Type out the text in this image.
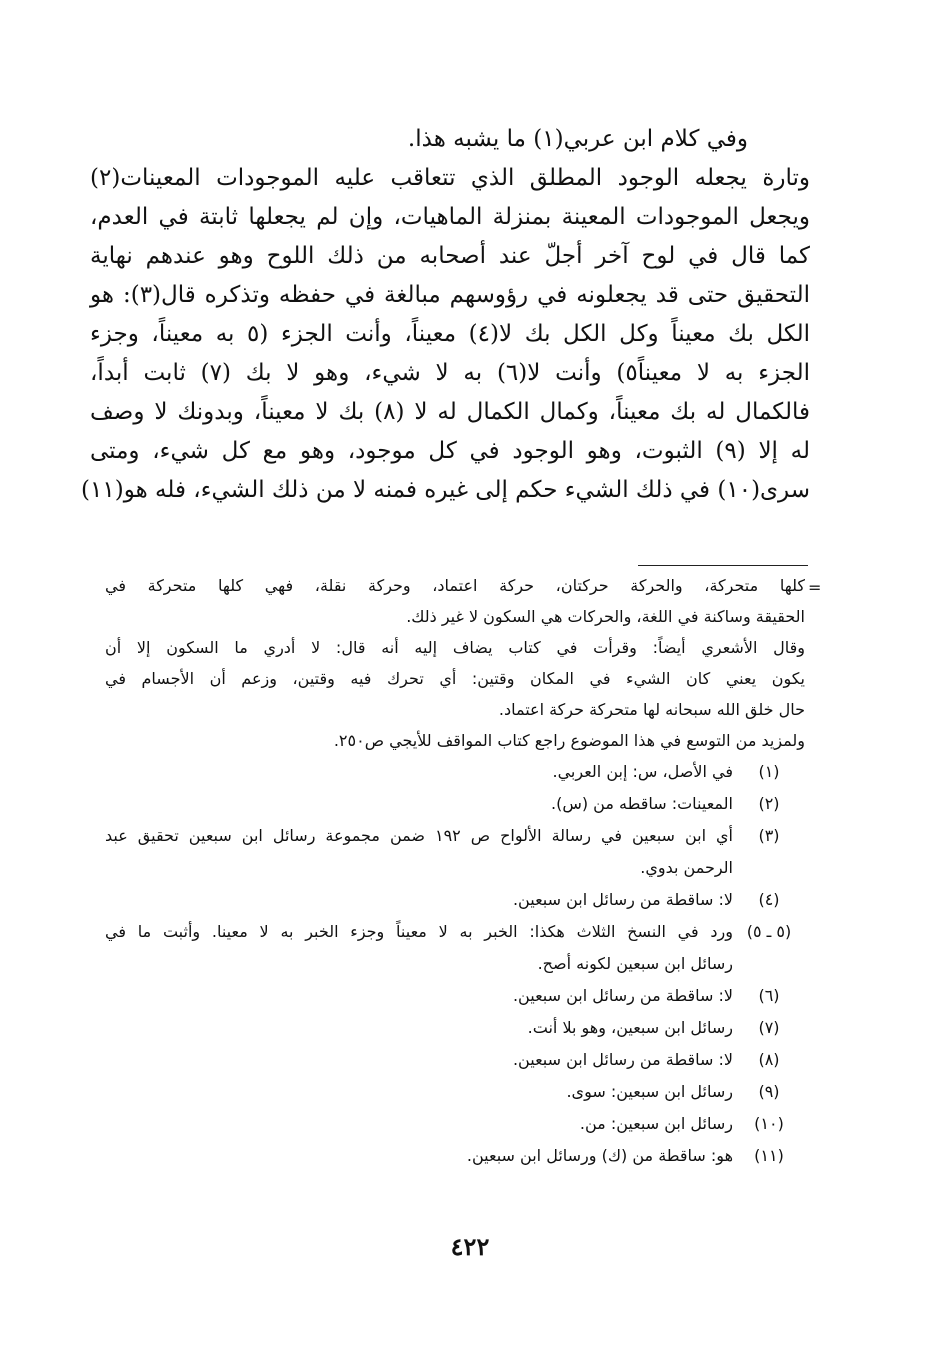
وفي كلام ابن عربي(١) ما يشبه هذا.
وتارة يجعله الوجود المطلق الذي تتعاقب عليه الموجودات المعينات(٢)
ويجعل الموجودات المعينة بمنزلة الماهيات، وإن لم يجعلها ثابتة في العدم،
كما قال في لوح آخر أجلّ عند أصحابه من ذلك اللوح وهو عندهم نهاية
التحقيق حتى قد يجعلونه في رؤوسهم مبالغة في حفظه وتذكره قال(٣): هو
الكل بك معيناً وكل الكل بك لا(٤) معيناً، وأنت الجزء (٥ به معيناً، وجزء
الجزء به لا معيناً٥) وأنت لا(٦) به لا شيء، وهو لا بك (٧) ثابت أبداً،
فالكمال له بك معيناً، وكمال الكمال له لا (٨) بك لا معيناً، وبدونك لا وصف
له إلا (٩) الثبوت، وهو الوجود في كل موجود، وهو مع كل شيء، ومتى
سرى(١٠) في ذلك الشيء حكم إلى غيره فمنه لا من ذلك الشيء، فله هو(١١)
=
كلها متحركة، والحركة حركتان، حركة اعتماد، وحركة نقلة، فهي كلها متحركة في
الحقيقة وساكنة في اللغة، والحركات هي السكون لا غير ذلك.
وقال الأشعري أيضاً: وقرأت في كتاب يضاف إليه أنه قال: لا أدري ما السكون إلا أن
يكون يعني كان الشيء في المكان وقتين: أي تحرك فيه وقتين، وزعم أن الأجسام في
حال خلق الله سبحانه لها متحركة حركة اعتماد.
ولمزيد من التوسع في هذا الموضوع راجع كتاب المواقف للأيجي ص٢٥٠.
(١)
في الأصل، س: إبن العربي.
(٢)
المعينات: ساقطه من (س).
(٣)
أي ابن سبعين في رسالة الألواح ص ١٩٢ ضمن مجموعة رسائل ابن سبعين تحقيق عبد
الرحمن بدوي.
(٤)
لا: ساقطة من رسائل ابن سبعين.
(٥ ـ ٥)
ورد في النسخ الثلاث هكذا: الخبر به لا معيناً وجزء الخبر به لا معينا. وأثبت ما في
رسائل ابن سبعين لكونه أصح.
(٦)
لا: ساقطة من رسائل ابن سبعين.
(٧)
رسائل ابن سبعين، وهو بلا أنت.
(٨)
لا: ساقطة من رسائل ابن سبعين.
(٩)
رسائل ابن سبعين: سوى.
(١٠)
رسائل ابن سبعين: من.
(١١)
هو: ساقطة من (ك) ورسائل ابن سبعين.
٤٢٢
